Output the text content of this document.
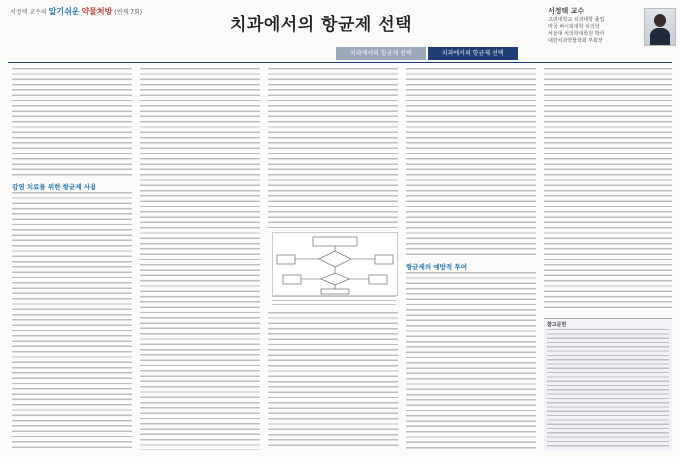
서정택 교수의 알기쉬운 약물처방 (연재 7회)
치과에서의 항균제 선택
서정택 교수
고려대학교 치과대학 졸업
미국 퍼시픽대학 치의학
서울대 치의학대학원 박사
대한치과약물학회 부회장
치과에서의 항균제 선택	치과에서의 항균제 선택
감염 치료를 위한 항균제 사용
항균제의 예방적 투여
참고문헌
